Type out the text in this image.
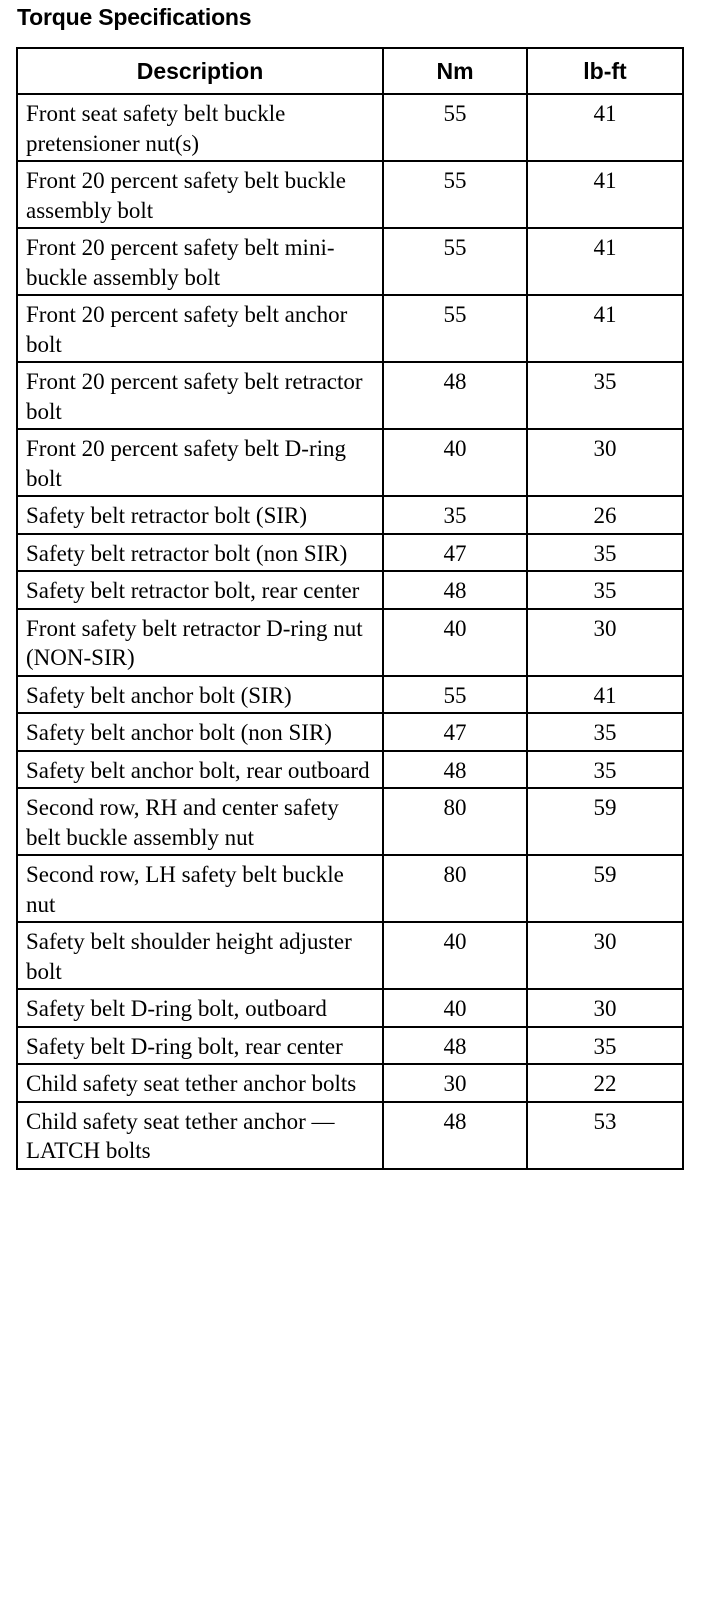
Torque Specifications
Description	Nm	lb-ft
Front seat safety belt buckle pretensioner nut(s)	55	41
Front 20 percent safety belt buckle assembly bolt	55	41
Front 20 percent safety belt mini-buckle assembly bolt	55	41
Front 20 percent safety belt anchor bolt	55	41
Front 20 percent safety belt retractor bolt	48	35
Front 20 percent safety belt D-ring bolt	40	30
Safety belt retractor bolt (SIR)	35	26
Safety belt retractor bolt (non SIR)	47	35
Safety belt retractor bolt, rear center	48	35
Front safety belt retractor D-ring nut (NON-SIR)	40	30
Safety belt anchor bolt (SIR)	55	41
Safety belt anchor bolt (non SIR)	47	35
Safety belt anchor bolt, rear outboard	48	35
Second row, RH and center safety belt buckle assembly nut	80	59
Second row, LH safety belt buckle nut	80	59
Safety belt shoulder height adjuster bolt	40	30
Safety belt D-ring bolt, outboard	40	30
Safety belt D-ring bolt, rear center	48	35
Child safety seat tether anchor bolts	30	22
Child safety seat tether anchor — LATCH bolts	48	53
